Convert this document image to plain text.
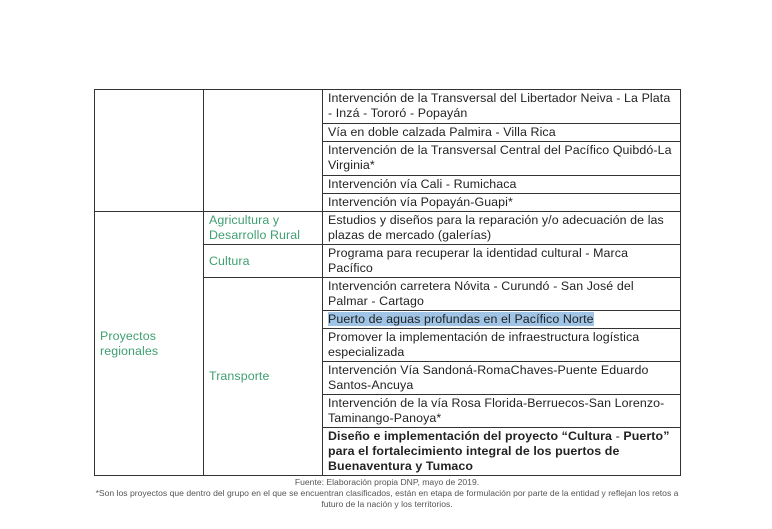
		Intervención de la Transversal del Libertador Neiva - La Plata - Inzá - Tororó - Popayán
		Vía en doble calzada Palmira - Villa Rica
		Intervención de la Transversal Central del Pacífico Quibdó-La Virginia*
		Intervención vía Cali - Rumichaca
		Intervención vía Popayán-Guapi*
Proyectos regionales	Agricultura y Desarrollo Rural	Estudios y diseños para la reparación y/o adecuación de las plazas de mercado (galerías)
	Cultura	Programa para recuperar la identidad cultural - Marca Pacífico
	Transporte	Intervención carretera Nóvita - Curundó - San José del Palmar - Cartago
		Puerto de aguas profundas en el Pacífico Norte
		Promover la implementación de infraestructura logística especializada
		Intervención Vía Sandoná-RomaChaves-Puente Eduardo Santos-Ancuya
		Intervención de la vía Rosa Florida-Berruecos-San Lorenzo-Taminango-Panoya*
		Diseño e implementación del proyecto “Cultura - Puerto” para el fortalecimiento integral de los puertos de Buenaventura y Tumaco
Fuente: Elaboración propia DNP, mayo de 2019.
*Son los proyectos que dentro del grupo en el que se encuentran clasificados, están en etapa de formulación por parte de la entidad y reflejan los retos a futuro de la nación y los territorios.
